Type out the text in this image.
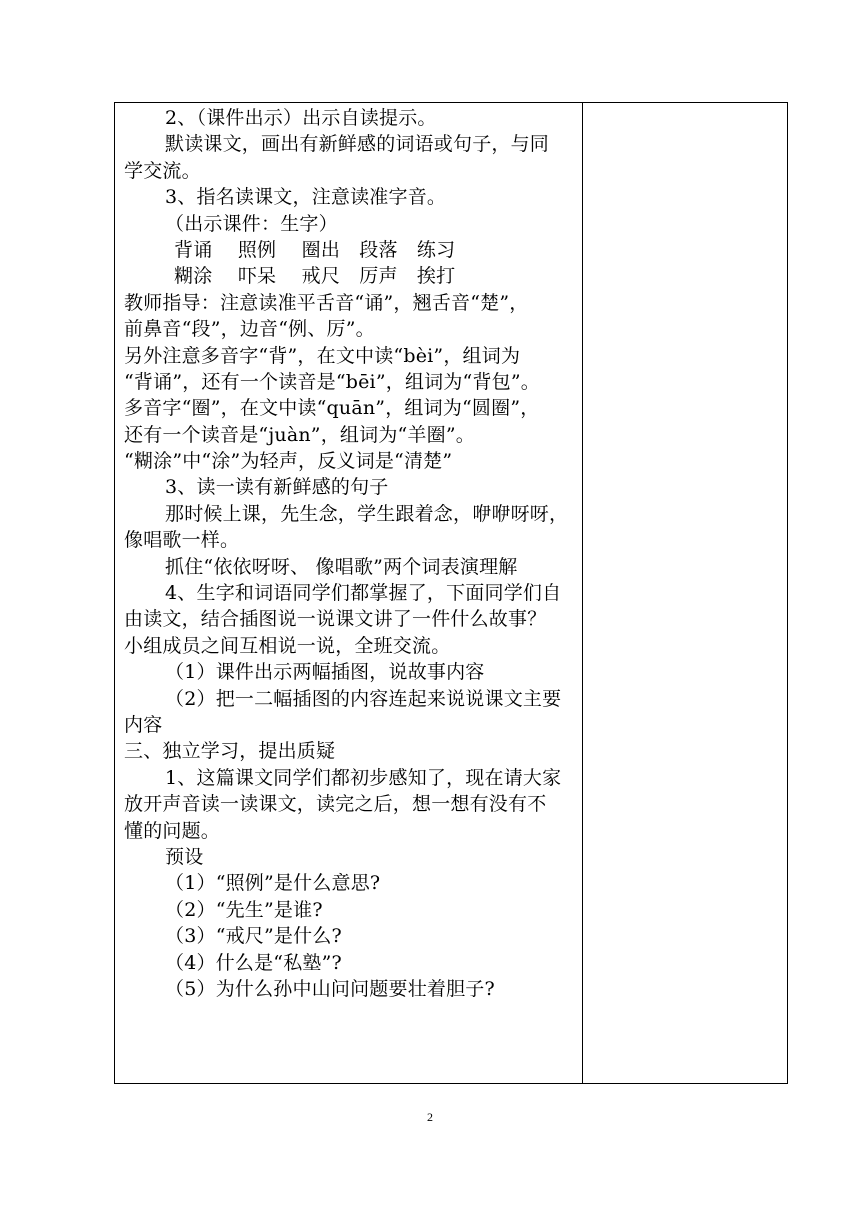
2、（课件出示）出示自读提示。
默读课文，画出有新鲜感的词语或句子，与同
学交流。
3、指名读课文，注意读准字音。
（出示课件：生字）
背诵　 照例　 圈出　段落　练习
糊涂　 吓呆　 戒尺　厉声　挨打
教师指导：注意读准平舌音“诵”，翘舌音“楚”，
前鼻音“段”，边音“例、厉”。
另外注意多音字“背”，在文中读“bèi”，组词为
“背诵”，还有一个读音是“bēi”，组词为“背包”。
多音字“圈”，在文中读“quān”，组词为“圆圈”，
还有一个读音是“juàn”，组词为“羊圈”。
“糊涂”中“涂”为轻声，反义词是“清楚”
3、读一读有新鲜感的句子
那时候上课，先生念，学生跟着念，咿咿呀呀，
像唱歌一样。
抓住“依依呀呀、 像唱歌”两个词表演理解
4、生字和词语同学们都掌握了，下面同学们自
由读文，结合插图说一说课文讲了一件什么故事？
小组成员之间互相说一说，全班交流。
（1）课件出示两幅插图，说故事内容
（2）把一二幅插图的内容连起来说说课文主要
内容
三、独立学习，提出质疑
1、这篇课文同学们都初步感知了，现在请大家
放开声音读一读课文，读完之后，想一想有没有不
懂的问题。
预设
（1）“照例”是什么意思?
（2）“先生”是谁?
（3）“戒尺”是什么?
（4）什么是“私塾”?
（5）为什么孙中山问问题要壮着胆子?
2
